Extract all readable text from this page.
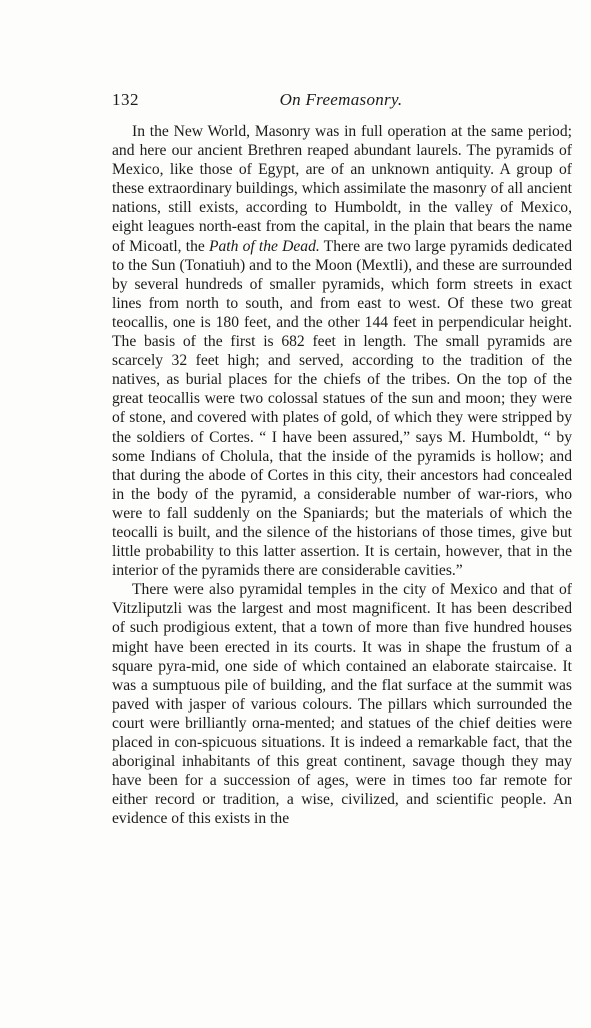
132	On Freemasonry.

In the New World, Masonry was in full operation at the same period; and here our ancient Brethren reaped abundant laurels. The pyramids of Mexico, like those of Egypt, are of an unknown antiquity. A group of these extraordinary buildings, which assimilate the masonry of all ancient nations, still exists, according to Humboldt, in the valley of Mexico, eight leagues north-east from the capital, in the plain that bears the name of Micoatl, the Path of the Dead. There are two large pyramids dedicated to the Sun (Tonatiuh) and to the Moon (Mextli), and these are surrounded by several hundreds of smaller pyramids, which form streets in exact lines from north to south, and from east to west. Of these two great teocallis, one is 180 feet, and the other 144 feet in perpendicular height. The basis of the first is 682 feet in length. The small pyramids are scarcely 32 feet high; and served, according to the tradition of the natives, as burial places for the chiefs of the tribes. On the top of the great teocallis were two colossal statues of the sun and moon; they were of stone, and covered with plates of gold, of which they were stripped by the soldiers of Cortes. “ I have been assured,” says M. Humboldt, “ by some Indians of Cholula, that the inside of the pyramids is hollow; and that during the abode of Cortes in this city, their ancestors had concealed in the body of the pyramid, a considerable number of war-riors, who were to fall suddenly on the Spaniards; but the materials of which the teocalli is built, and the silence of the historians of those times, give but little probability to this latter assertion. It is certain, however, that in the interior of the pyramids there are considerable cavities.”

There were also pyramidal temples in the city of Mexico and that of Vitzliputzli was the largest and most magnificent. It has been described of such prodigious extent, that a town of more than five hundred houses might have been erected in its courts. It was in shape the frustum of a square pyra-mid, one side of which contained an elaborate staircaise. It was a sumptuous pile of building, and the flat surface at the summit was paved with jasper of various colours. The pillars which surrounded the court were brilliantly orna-mented; and statues of the chief deities were placed in con-spicuous situations. It is indeed a remarkable fact, that the aboriginal inhabitants of this great continent, savage though they may have been for a succession of ages, were in times too far remote for either record or tradition, a wise, civilized, and scientific people. An evidence of this exists in the
